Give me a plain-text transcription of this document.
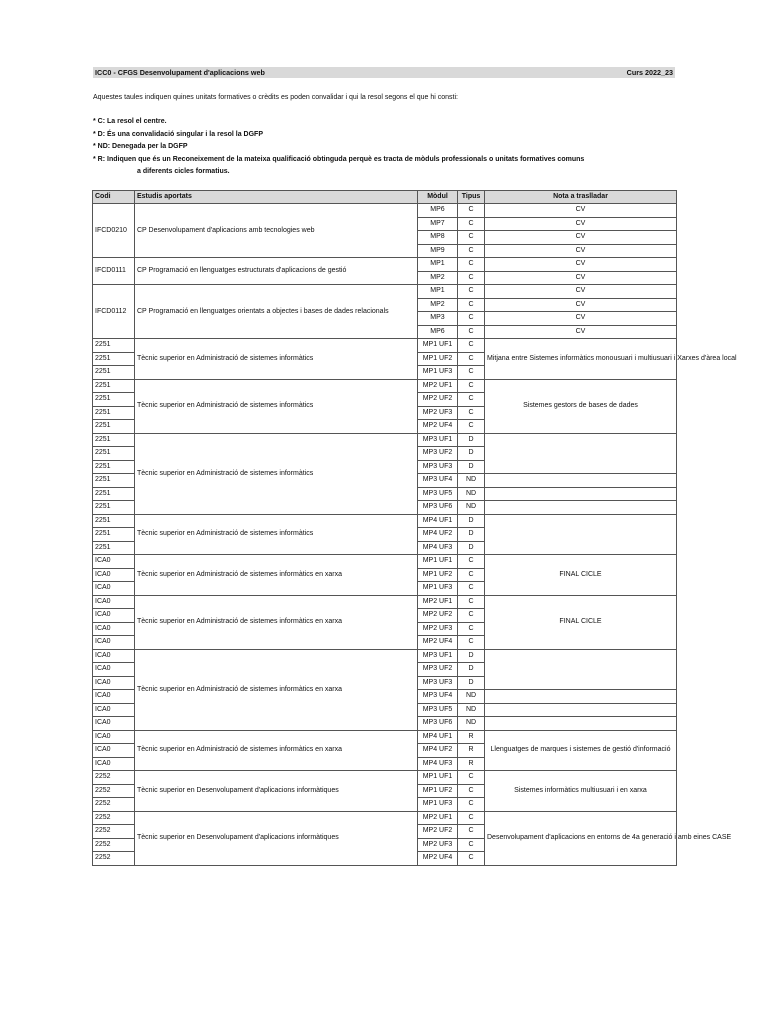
ICC0 - CFGS Desenvolupament d'aplicacions web	Curs 2022_23
Aquestes taules indiquen quines unitats formatives o crèdits es poden convalidar i qui la resol segons el que hi consti:
* C: La resol el centre.
* D: És una convalidació singular i la resol la DGFP
* ND: Denegada per la DGFP
* R: Indiquen que és un Reconeixement de la mateixa qualificació obtinguda perquè es tracta de mòduls professionals o unitats formatives comuns
a diferents cicles formatius.
Codi	Estudis aportats	Mòdul	Tipus	Nota a traslladar
IFCD0210	CP Desenvolupament d'aplicacions amb tecnologies web	MP6	C	CV
		MP7	C	CV
		MP8	C	CV
		MP9	C	CV
IFCD0111	CP Programació en llenguatges estructurats d'aplicacions de gestió	MP1	C	CV
		MP2	C	CV
IFCD0112	CP Programació en llenguatges orientats a objectes i bases de dades relacionals	MP1	C	CV
		MP2	C	CV
		MP3	C	CV
		MP6	C	CV
2251	Tècnic superior en Administració de sistemes informàtics	MP1 UF1	C	Mitjana entre Sistemes informàtics monousuari i multiusuari i Xarxes d'àrea local
2251		MP1 UF2	C	
2251		MP1 UF3	C	
2251	Tècnic superior en Administració de sistemes informàtics	MP2 UF1	C	Sistemes gestors de bases de dades
2251		MP2 UF2	C	
2251		MP2 UF3	C	
2251		MP2 UF4	C	
2251	Tècnic superior en Administració de sistemes informàtics	MP3 UF1	D	
2251		MP3 UF2	D	
2251		MP3 UF3	D	
2251		MP3 UF4	ND	
2251		MP3 UF5	ND	
2251		MP3 UF6	ND	
2251	Tècnic superior en Administració de sistemes informàtics	MP4 UF1	D	
2251		MP4 UF2	D	
2251		MP4 UF3	D	
ICA0	Tècnic superior en Administració de sistemes informàtics en xarxa	MP1 UF1	C	FINAL CICLE
ICA0		MP1 UF2	C	
ICA0		MP1 UF3	C	
ICA0	Tècnic superior en Administració de sistemes informàtics en xarxa	MP2 UF1	C	FINAL CICLE
ICA0		MP2 UF2	C	
ICA0		MP2 UF3	C	
ICA0		MP2 UF4	C	
ICA0	Tècnic superior en Administració de sistemes informàtics en xarxa	MP3 UF1	D	
ICA0		MP3 UF2	D	
ICA0		MP3 UF3	D	
ICA0		MP3 UF4	ND	
ICA0		MP3 UF5	ND	
ICA0		MP3 UF6	ND	
ICA0	Tècnic superior en Administració de sistemes informàtics en xarxa	MP4 UF1	R	Llenguatges de marques i sistemes de gestió d'informació
ICA0		MP4 UF2	R	
ICA0		MP4 UF3	R	
2252	Tècnic superior en Desenvolupament d'aplicacions informàtiques	MP1 UF1	C	Sistemes informàtics multiusuari i en xarxa
2252		MP1 UF2	C	
2252		MP1 UF3	C	
2252	Tècnic superior en Desenvolupament d'aplicacions informàtiques	MP2 UF1	C	Desenvolupament d'aplicacions en entorns de 4a generació i amb eines CASE
2252		MP2 UF2	C	
2252		MP2 UF3	C	
2252		MP2 UF4	C	
